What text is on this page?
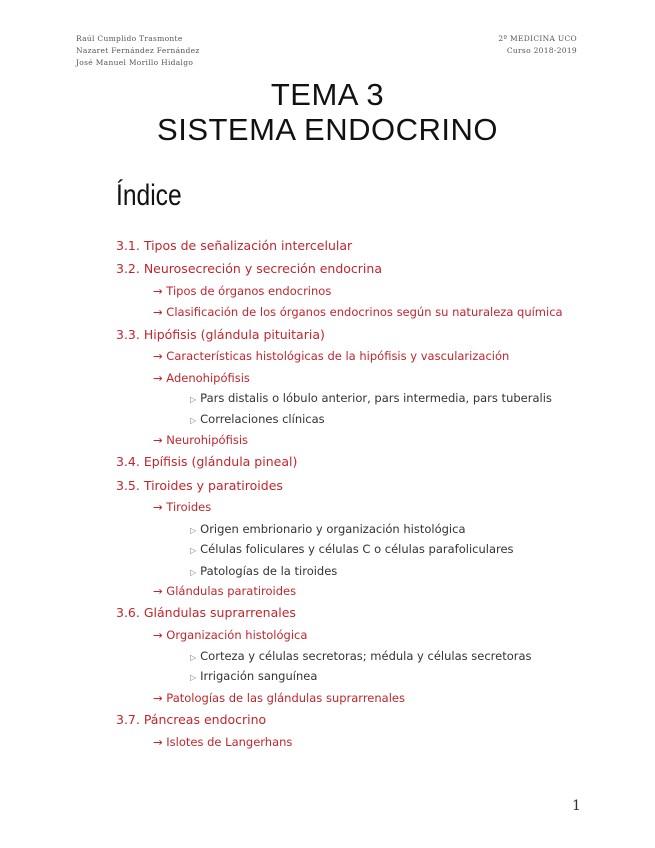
Raúl Cumplido Trasmonte
Nazaret Fernández Fernández
José Manuel Morillo Hidalgo
2º MEDICINA UCO
Curso 2018-2019
TEMA 3
SISTEMA ENDOCRINO
Índice
3.1. Tipos de señalización intercelular
3.2. Neurosecreción y secreción endocrina
→ Tipos de órganos endocrinos
→ Clasificación de los órganos endocrinos según su naturaleza química
3.3. Hipófisis (glándula pituitaria)
→ Características histológicas de la hipófisis y vascularización
→ Adenohipófisis
▷ Pars distalis o lóbulo anterior, pars intermedia, pars tuberalis
▷ Correlaciones clínicas
→ Neurohipófisis
3.4. Epífisis (glándula pineal)
3.5. Tiroides y paratiroides
→ Tiroides
▷ Origen embrionario y organización histológica
▷ Células foliculares y células C o células parafoliculares
▷ Patologías de la tiroides
→ Glándulas paratiroides
3.6. Glándulas suprarrenales
→ Organización histológica
▷ Corteza y células secretoras; médula y células secretoras
▷ Irrigación sanguínea
→ Patologías de las glándulas suprarrenales
3.7. Páncreas endocrino
→ Islotes de Langerhans
1
